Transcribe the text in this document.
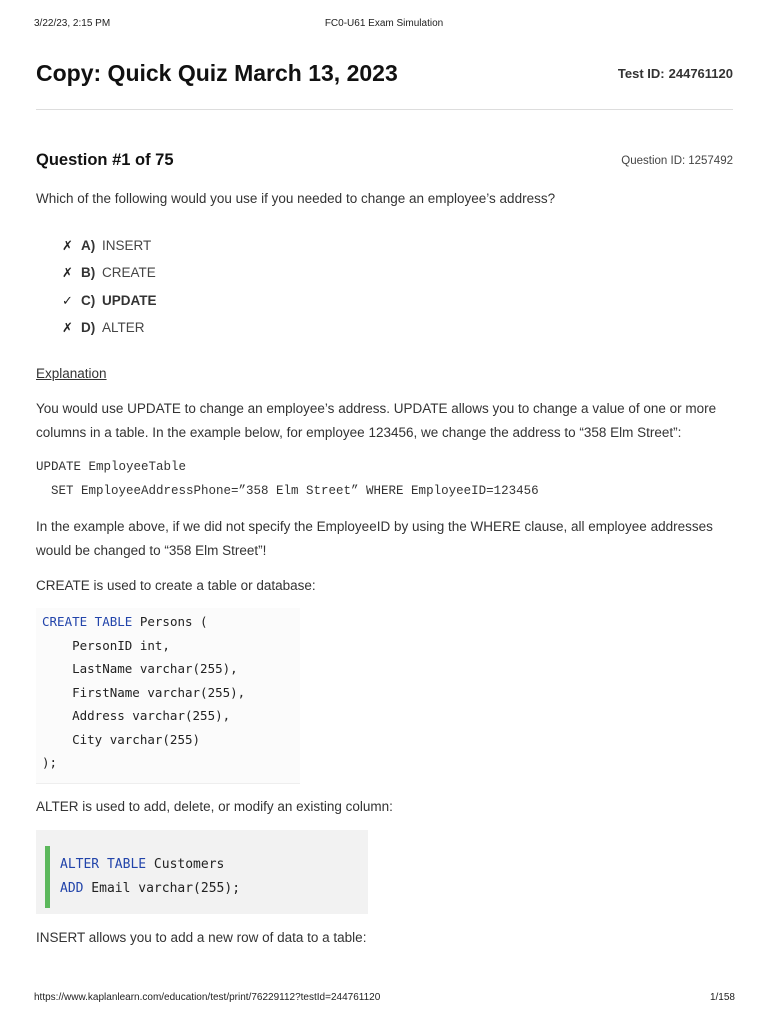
3/22/23, 2:15 PM	FC0-U61 Exam Simulation
Copy: Quick Quiz March 13, 2023	Test ID: 244761120
Question #1 of 75	Question ID: 1257492

Which of the following would you use if you needed to change an employee’s address?

✗ A) INSERT
✗ B) CREATE
✓ C) UPDATE
✗ D) ALTER
Explanation

You would use UPDATE to change an employee’s address. UPDATE allows you to change a value of one or more columns in a table. In the example below, for employee 123456, we change the address to “358 Elm Street”:

UPDATE EmployeeTable
SET EmployeeAddressPhone=”358 Elm Street” WHERE EmployeeID=123456

In the example above, if we did not specify the EmployeeID by using the WHERE clause, all employee addresses would be changed to “358 Elm Street”!

CREATE is used to create a table or database:

CREATE TABLE Persons (
PersonID int,
LastName varchar(255),
FirstName varchar(255),
Address varchar(255),
City varchar(255)
);

ALTER is used to add, delete, or modify an existing column:

ALTER TABLE Customers
ADD Email varchar(255);

INSERT allows you to add a new row of data to a table:

https://www.kaplanlearn.com/education/test/print/76229112?testId=244761120	1/158
